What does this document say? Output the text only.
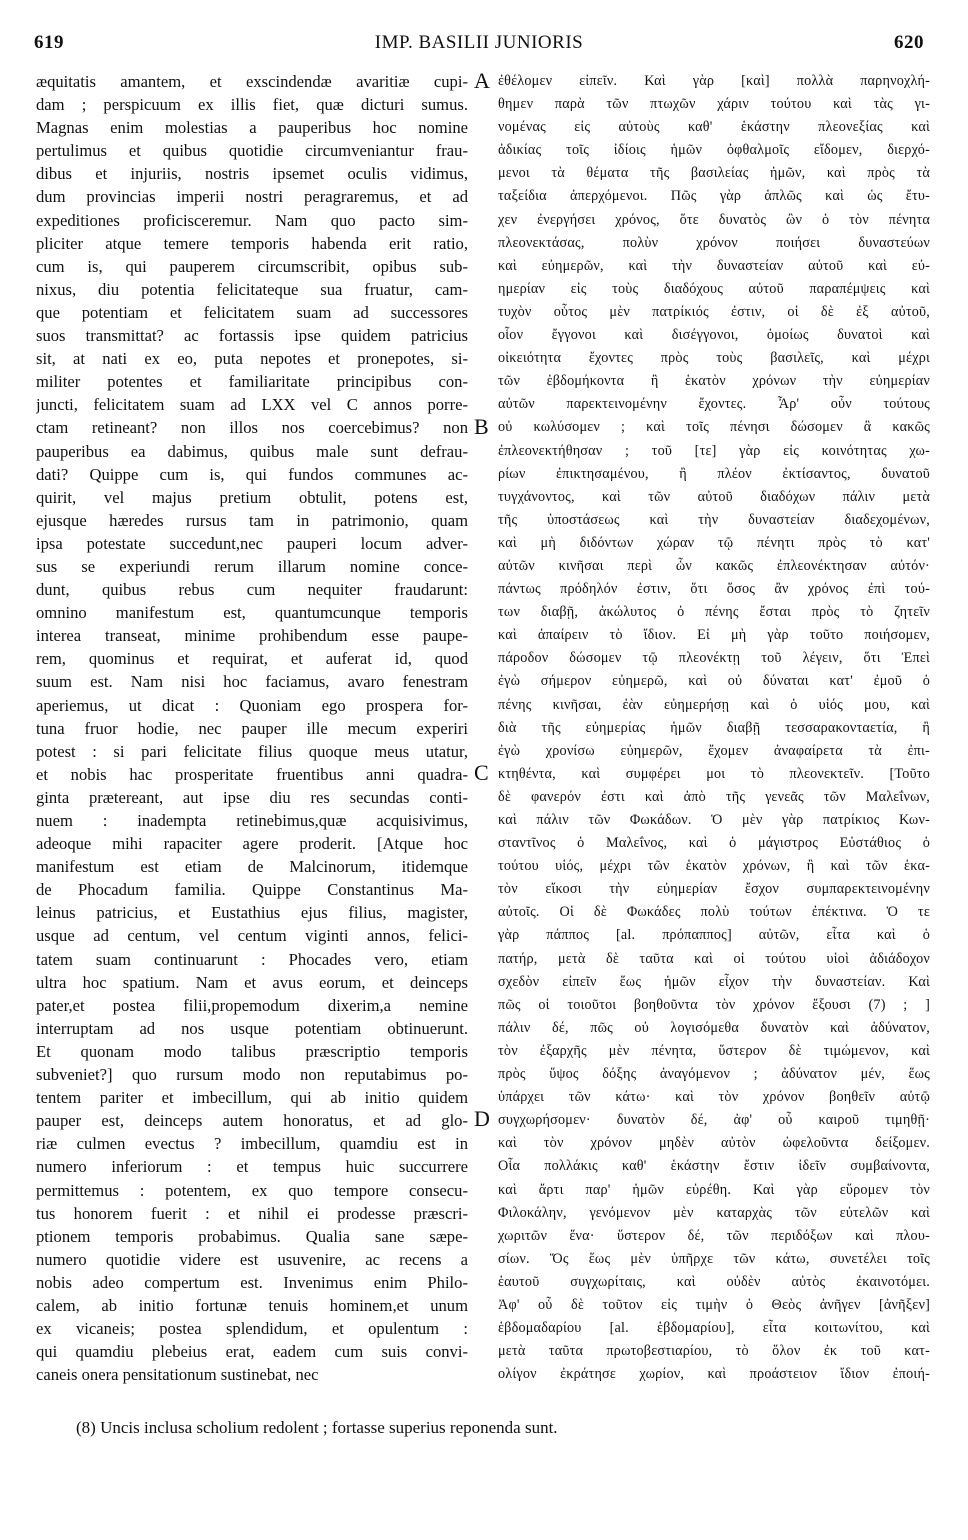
619	IMP. BASILII JUNIORIS	620
æquitatis amantem, et exscindendæ avaritiæ cupi-
dam ; perspicuum ex illis fiet, quæ dicturi sumus.
Magnas enim molestias a pauperibus hoc nomine
pertulimus et quibus quotidie circumveniantur frau-
dibus et injuriis, nostris ipsemet oculis vidimus,
dum provincias imperii nostri peragraremus, et ad
expeditiones proficisceremur. Nam quo pacto sim-
pliciter atque temere temporis habenda erit ratio,
cum is, qui pauperem circumscribit, opibus sub-
nixus, diu potentia felicitateque sua fruatur, cam-
que potentiam et felicitatem suam ad successores
suos transmittat? ac fortassis ipse quidem patricius
sit, at nati ex eo, puta nepotes et pronepotes, si-
militer potentes et familiaritate principibus con-
juncti, felicitatem suam ad LXX vel C annos porre-
ctam retineant? non illos nos coercebimus? non
pauperibus ea dabimus, quibus male sunt defrau-
dati? Quippe cum is, qui fundos communes ac-
quirit, vel majus pretium obtulit, potens est,
ejusque hæredes rursus tam in patrimonio, quam
ipsa potestate succedunt,nec pauperi locum adver-
sus se experiundi rerum illarum nomine conce-
dunt, quibus rebus cum nequiter fraudarunt:
omnino manifestum est, quantumcunque temporis
interea transeat, minime prohibendum esse paupe-
rem, quominus et requirat, et auferat id, quod
suum est. Nam nisi hoc faciamus, avaro fenestram
aperiemus, ut dicat : Quoniam ego prospera for-
tuna fruor hodie, nec pauper ille mecum experiri
potest : si pari felicitate filius quoque meus utatur,
et nobis hac prosperitate fruentibus anni quadra-
ginta prætereant, aut ipse diu res secundas conti-
nuem : inadempta retinebimus,quæ acquisivimus,
adeoque mihi rapaciter agere proderit. [Atque hoc
manifestum est etiam de Malcinorum, itidemque
de Phocadum familia. Quippe Constantinus Ma-
leinus patricius, et Eustathius ejus filius, magister,
usque ad centum, vel centum viginti annos, felici-
tatem suam continuarunt : Phocades vero, etiam
ultra hoc spatium. Nam et avus eorum, et deinceps
pater,et postea filii,propemodum dixerim,a nemine
interruptam ad nos usque potentiam obtinuerunt.
Et quonam modo talibus præscriptio temporis
subveniet?] quo rursum modo non reputabimus po-
tentem pariter et imbecillum, qui ab initio quidem
pauper est, deinceps autem honoratus, et ad glo-
riæ culmen evectus ? imbecillum, quamdiu est in
numero inferiorum : et tempus huic succurrere
permittemus : potentem, ex quo tempore consecu-
tus honorem fuerit : et nihil ei prodesse præscri-
ptionem temporis probabimus. Qualia sane sæpe-
numero quotidie videre est usuvenire, ac recens a
nobis adeo compertum est. Invenimus enim Philo-
calem, ab initio fortunæ tenuis hominem,et unum
ex vicaneis; postea splendidum, et opulentum :
qui quamdiu plebeius erat, eadem cum suis convi-
caneis onera pensitationum sustinebat, nec
ἐθέλομεν εἰπεῖν. Καὶ γὰρ [καὶ] πολλὰ παρηνοχλή-
θημεν παρὰ τῶν πτωχῶν χάριν τούτου καὶ τὰς γι-
νομένας εἰς αὐτοὺς καθ' ἑκάστην πλεονεξίας καὶ
ἀδικίας τοῖς ἰδίοις ἡμῶν ὀφθαλμοῖς εἴδομεν, διερχό-
μενοι τὰ θέματα τῆς βασιλείας ἡμῶν, καὶ πρὸς τὰ
ταξείδια ἀπερχόμενοι. Πῶς γὰρ ἁπλῶς καὶ ὡς ἔτυ-
χεν ἐνεργήσει χρόνος, ὅτε δυνατὸς ὢν ὁ τὸν πένητα
πλεονεκτάσας, πολὺν χρόνον ποιήσει δυναστεύων
καὶ εὐημερῶν, καὶ τὴν δυναστείαν αὐτοῦ καὶ εὐ-
ημερίαν εἰς τοὺς διαδόχους αὐτοῦ παραπέμψεις καὶ
τυχὸν οὗτος μὲν πατρίκιός ἐστιν, οἱ δὲ ἐξ αὐτοῦ,
οἷον ἔγγονοι καὶ δισέγγονοι, ὁμοίως δυνατοὶ καὶ
οἰκειότητα ἔχοντες πρὸς τοὺς βασιλεῖς, καὶ μέχρι
τῶν ἑβδομήκοντα ἢ ἑκατὸν χρόνων τὴν εὐημερίαν
αὐτῶν παρεκτεινομένην ἔχοντες. Ἆρ' οὖν τούτους
οὐ κωλύσομεν ; καὶ τοῖς πένησι δώσομεν ἃ κακῶς
ἐπλεονεκτήθησαν ; τοῦ [τε] γὰρ εἰς κοινότητας χω-
ρίων ἐπικτησαμένου, ἢ πλέον ἐκτίσαντος, δυνατοῦ
τυγχάνοντος, καὶ τῶν αὐτοῦ διαδόχων πάλιν μετὰ
τῆς ὑποστάσεως καὶ τὴν δυναστείαν διαδεχομένων,
καὶ μὴ διδόντων χώραν τῷ πένητι πρὸς τὸ κατ'
αὐτῶν κινῆσαι περὶ ὧν κακῶς ἐπλεονέκτησαν αὐτόν·
πάντως πρόδηλόν ἐστιν, ὅτι ὅσος ἂν χρόνος ἐπὶ τού-
των διαβῇ, ἀκώλυτος ὁ πένης ἔσται πρὸς τὸ ζητεῖν
καὶ ἀπαίρειν τὸ ἴδιον. Εἰ μὴ γὰρ τοῦτο ποιήσομεν,
πάροδον δώσομεν τῷ πλεονέκτῃ τοῦ λέγειν, ὅτι Ἐπεὶ
ἐγὼ σήμερον εὐημερῶ, καὶ οὐ δύναται κατ' ἐμοῦ ὁ
πένης κινῆσαι, ἐὰν εὐημερήσῃ καὶ ὁ υἱός μου, καὶ
διὰ τῆς εὐημερίας ἡμῶν διαβῇ τεσσαρακονταετία, ἢ
ἐγὼ χρονίσω εὐημερῶν, ἔχομεν ἀναφαίρετα τὰ ἐπι-
κτηθέντα, καὶ συμφέρει μοι τὸ πλεονεκτεῖν. [Τοῦτο
δὲ φανερόν ἐστι καὶ ἀπὸ τῆς γενεᾶς τῶν Μαλεΐνων,
καὶ πάλιν τῶν Φωκάδων. Ὁ μὲν γὰρ πατρίκιος Κων-
σταντῖνος ὁ Μαλεΐνος, καὶ ὁ μάγιστρος Εὐστάθιος ὁ
τούτου υἱός, μέχρι τῶν ἑκατὸν χρόνων, ἢ καὶ τῶν ἑκα-
τὸν εἴκοσι τὴν εὐημερίαν ἔσχον συμπαρεκτεινομένην
αὐτοῖς. Οἱ δὲ Φωκάδες πολὺ τούτων ἐπέκτινα. Ὁ τε
γὰρ πάππος [al. πρόπαππος] αὐτῶν, εἶτα καὶ ὁ
πατήρ, μετὰ δὲ ταῦτα καὶ οἱ τούτου υἱοὶ ἀδιάδοχον
σχεδὸν εἰπεῖν ἕως ἡμῶν εἶχον τὴν δυναστείαν. Καὶ
πῶς οἱ τοιοῦτοι βοηθοῦντα τὸν χρόνον ἕξουσι (7) ; ]
πάλιν δέ, πῶς οὐ λογισόμεθα δυνατὸν καὶ ἀδύνατον,
τὸν ἐξαρχῆς μὲν πένητα, ὕστερον δὲ τιμώμενον, καὶ
πρὸς ὕψος δόξης ἀναγόμενον ; ἀδύνατον μέν, ἕως
ὑπάρχει τῶν κάτω· καὶ τὸν χρόνον βοηθεῖν αὐτῷ
συγχωρήσομεν· δυνατὸν δέ, ἀφ' οὗ καιροῦ τιμηθῇ·
καὶ τὸν χρόνον μηδὲν αὐτὸν ὠφελοῦντα δείξομεν.
Οἷα πολλάκις καθ' ἑκάστην ἔστιν ἰδεῖν συμβαίνοντα,
καὶ ἄρτι παρ' ἡμῶν εὑρέθη. Καὶ γὰρ εὕρομεν τὸν
Φιλοκάλην, γενόμενον μὲν καταρχὰς τῶν εὐτελῶν καὶ
χωριτῶν ἕνα· ὕστερον δέ, τῶν περιδόξων καὶ πλου-
σίων. Ὅς ἕως μὲν ὑπῆρχε τῶν κάτω, συνετέλει τοῖς
ἑαυτοῦ συγχωρίταις, καὶ οὐδὲν αὐτὸς ἐκαινοτόμει.
Ἀφ' οὗ δὲ τοῦτον εἰς τιμὴν ὁ Θεὸς ἀνῆγεν [ἀνῆξεν]
ἑβδομαδαρίου [al. ἑβδομαρίου], εἶτα κοιτωνίτου, καὶ
μετὰ ταῦτα πρωτοβεστιαρίου, τὸ ὅλον ἐκ τοῦ κατ-
ολίγον ἐκράτησε χωρίον, καὶ προάστειον ἴδιον ἐποιή-
A
B
C
D
(8) Uncis inclusa scholium redolent ; fortasse superius reponenda sunt.
